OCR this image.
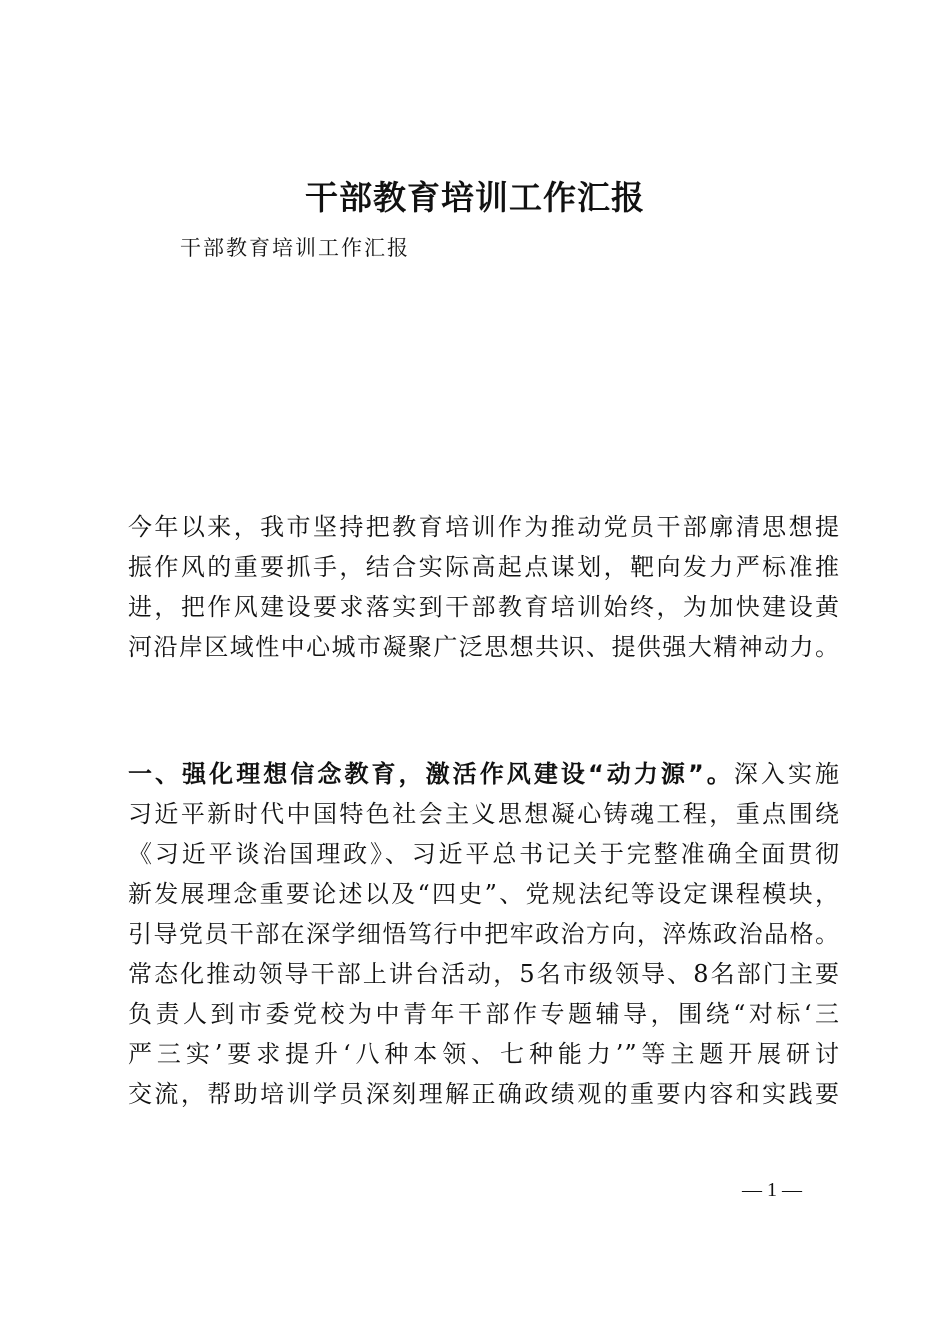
干部教育培训工作汇报
干部教育培训工作汇报
今年以来，我市坚持把教育培训作为推动党员干部廓清思想提
振作风的重要抓手，结合实际高起点谋划，靶向发力严标准推
进，把作风建设要求落实到干部教育培训始终，为加快建设黄
河沿岸区域性中心城市凝聚广泛思想共识、提供强大精神动力。
一、强化理想信念教育，激活作风建设“动力源”。深入实施
习近平新时代中国特色社会主义思想凝心铸魂工程，重点围绕
《习近平谈治国理政》、习近平总书记关于完整准确全面贯彻
新发展理念重要论述以及“四史”、党规法纪等设定课程模块，
引导党员干部在深学细悟笃行中把牢政治方向，淬炼政治品格。
常态化推动领导干部上讲台活动，5名市级领导、8名部门主要
负责人到市委党校为中青年干部作专题辅导，围绕“对标‘三
严三实’要求提升‘八种本领、七种能力’”等主题开展研讨
交流，帮助培训学员深刻理解正确政绩观的重要内容和实践要
— 1 —
